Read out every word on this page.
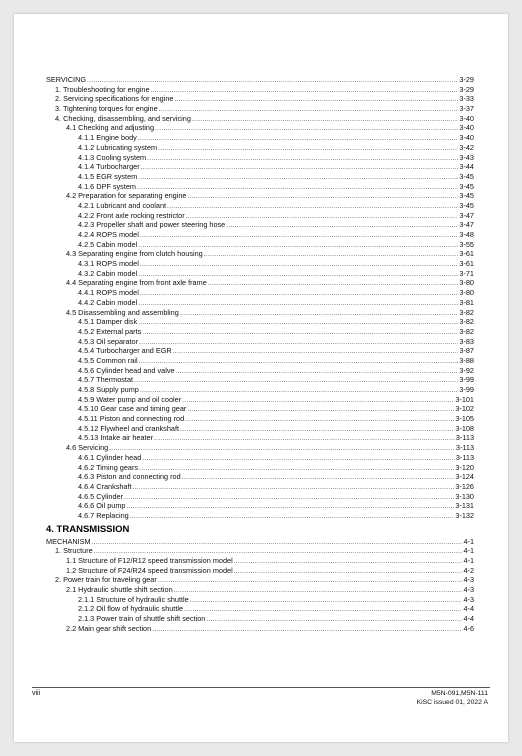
SERVICING .....	3-29
1. Troubleshooting for engine .....	3-29
2. Servicing specifications for engine .....	3-33
3. Tightening torques for engine .....	3-37
4. Checking, disassembling, and servicing .....	3-40
4.1 Checking and adjusting .....	3-40
4.1.1 Engine body .....	3-40
4.1.2 Lubricating system .....	3-42
4.1.3 Cooling system .....	3-43
4.1.4 Turbocharger .....	3-44
4.1.5 EGR system .....	3-45
4.1.6 DPF system .....	3-45
4.2 Preparation for separating engine .....	3-45
4.2.1 Lubricant and coolant .....	3-45
4.2.2 Front axle rocking restrictor .....	3-47
4.2.3 Propeller shaft and power steering hose .....	3-47
4.2.4 ROPS model .....	3-48
4.2.5 Cabin model .....	3-55
4.3 Separating engine from clutch housing .....	3-61
4.3.1 ROPS model .....	3-61
4.3.2 Cabin model .....	3-71
4.4 Separating engine from front axle frame .....	3-80
4.4.1 ROPS model .....	3-80
4.4.2 Cabin model .....	3-81
4.5 Disassembling and assembling .....	3-82
4.5.1 Damper disk .....	3-82
4.5.2 External parts .....	3-82
4.5.3 Oil separator .....	3-83
4.5.4 Turbocharger and EGR .....	3-87
4.5.5 Common rail .....	3-88
4.5.6 Cylinder head and valve .....	3-92
4.5.7 Thermostat .....	3-99
4.5.8 Supply pump .....	3-99
4.5.9 Water pump and oil cooler .....	3-101
4.5.10 Gear case and timing gear .....	3-102
4.5.11 Piston and connecting rod .....	3-105
4.5.12 Flywheel and crankshaft .....	3-108
4.5.13 Intake air heater .....	3-113
4.6 Servicing .....	3-113
4.6.1 Cylinder head .....	3-113
4.6.2 Timing gears .....	3-120
4.6.3 Piston and connecting rod .....	3-124
4.6.4 Crankshaft .....	3-126
4.6.5 Cylinder .....	3-130
4.6.6 Oil pump .....	3-131
4.6.7 Replacing .....	3-132
4. TRANSMISSION
MECHANISM .....	4-1
1. Structure .....	4-1
1.1 Structure of F12/R12 speed transmission model .....	4-1
1.2 Structure of F24/R24 speed transmission model .....	4-2
2. Power train for traveling gear .....	4-3
2.1 Hydraulic shuttle shift section .....	4-3
2.1.1 Structure of hydraulic shuttle .....	4-3
2.1.2 Oil flow of hydraulic shuttle .....	4-4
2.1.3 Power train of shuttle shift section .....	4-4
2.2 Main gear shift section .....	4-6
viii	M5N-091,M5N-111
KiSC issued 01, 2022 A
